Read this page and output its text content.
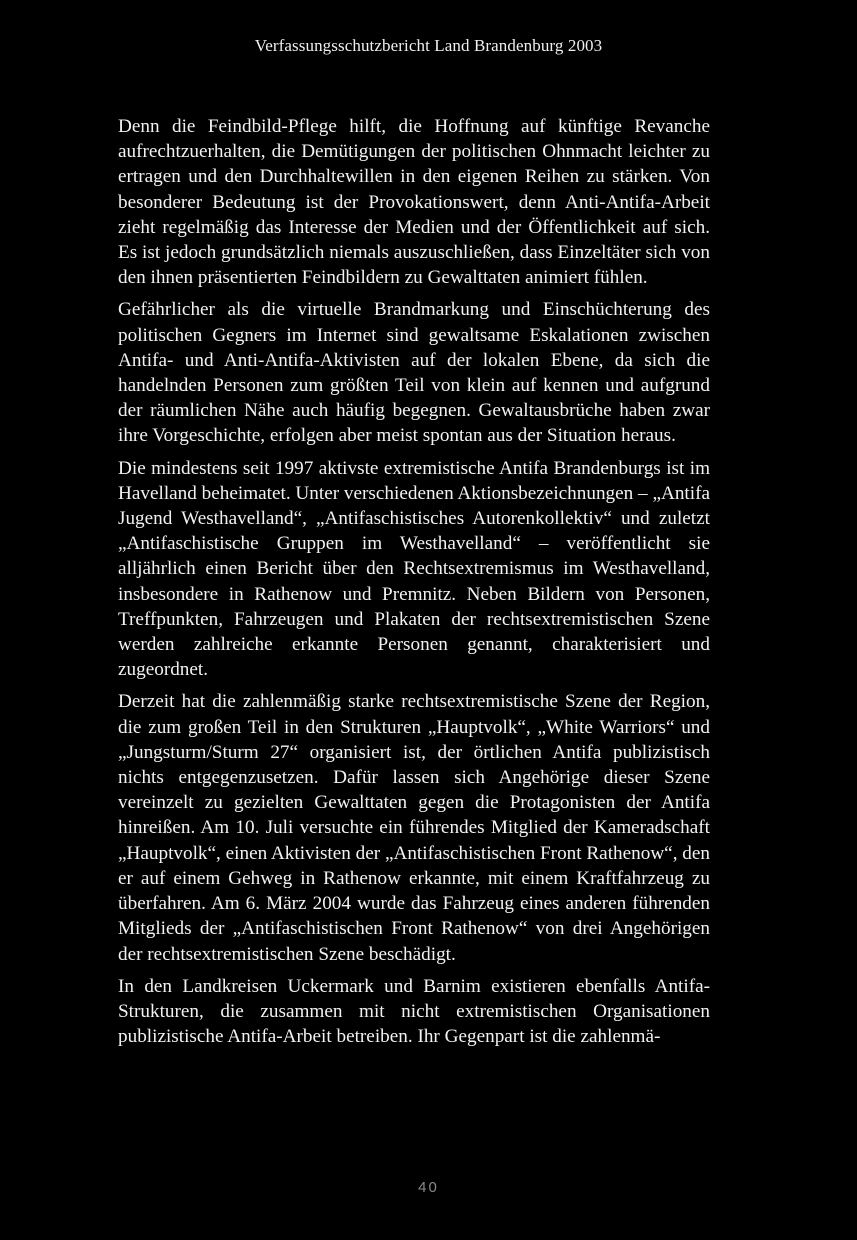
Verfassungsschutzbericht Land Brandenburg 2003

Denn die Feindbild-Pflege hilft, die Hoffnung auf künftige Revanche aufrechtzuerhalten, die Demütigungen der politischen Ohnmacht leichter zu ertragen und den Durchhaltewillen in den eigenen Reihen zu stärken. Von besonderer Bedeutung ist der Provokationswert, denn Anti-Antifa-Arbeit zieht regelmäßig das Interesse der Medien und der Öffentlichkeit auf sich. Es ist jedoch grundsätzlich niemals auszuschließen, dass Einzeltäter sich von den ihnen präsentierten Feindbildern zu Gewalttaten animiert fühlen.

Gefährlicher als die virtuelle Brandmarkung und Einschüchterung des politischen Gegners im Internet sind gewaltsame Eskalationen zwischen Antifa- und Anti-Antifa-Aktivisten auf der lokalen Ebene, da sich die handelnden Personen zum größten Teil von klein auf kennen und aufgrund der räumlichen Nähe auch häufig begegnen. Gewaltausbrüche haben zwar ihre Vorgeschichte, erfolgen aber meist spontan aus der Situation heraus.

Die mindestens seit 1997 aktivste extremistische Antifa Brandenburgs ist im Havelland beheimatet. Unter verschiedenen Aktionsbezeichnungen – „Antifa Jugend Westhavelland“, „Antifaschistisches Autorenkollektiv“ und zuletzt „Antifaschistische Gruppen im Westhavelland“ – veröffentlicht sie alljährlich einen Bericht über den Rechtsextremismus im Westhavelland, insbesondere in Rathenow und Premnitz. Neben Bildern von Personen, Treffpunkten, Fahrzeugen und Plakaten der rechtsextremistischen Szene werden zahlreiche erkannte Personen genannt, charakterisiert und zugeordnet.

Derzeit hat die zahlenmäßig starke rechtsextremistische Szene der Region, die zum großen Teil in den Strukturen „Hauptvolk“, „White Warriors“ und „Jungsturm/Sturm 27“ organisiert ist, der örtlichen Antifa publizistisch nichts entgegenzusetzen. Dafür lassen sich Angehörige dieser Szene vereinzelt zu gezielten Gewalttaten gegen die Protagonisten der Antifa hinreißen. Am 10. Juli versuchte ein führendes Mitglied der Kameradschaft „Hauptvolk“, einen Aktivisten der „Antifaschistischen Front Rathenow“, den er auf einem Gehweg in Rathenow erkannte, mit einem Kraftfahrzeug zu überfahren. Am 6. März 2004 wurde das Fahrzeug eines anderen führenden Mitglieds der „Antifaschistischen Front Rathenow“ von drei Angehörigen der rechtsextremistischen Szene beschädigt.

In den Landkreisen Uckermark und Barnim existieren ebenfalls Antifa-Strukturen, die zusammen mit nicht extremistischen Organisationen publizistische Antifa-Arbeit betreiben. Ihr Gegenpart ist die zahlenmä-

40
